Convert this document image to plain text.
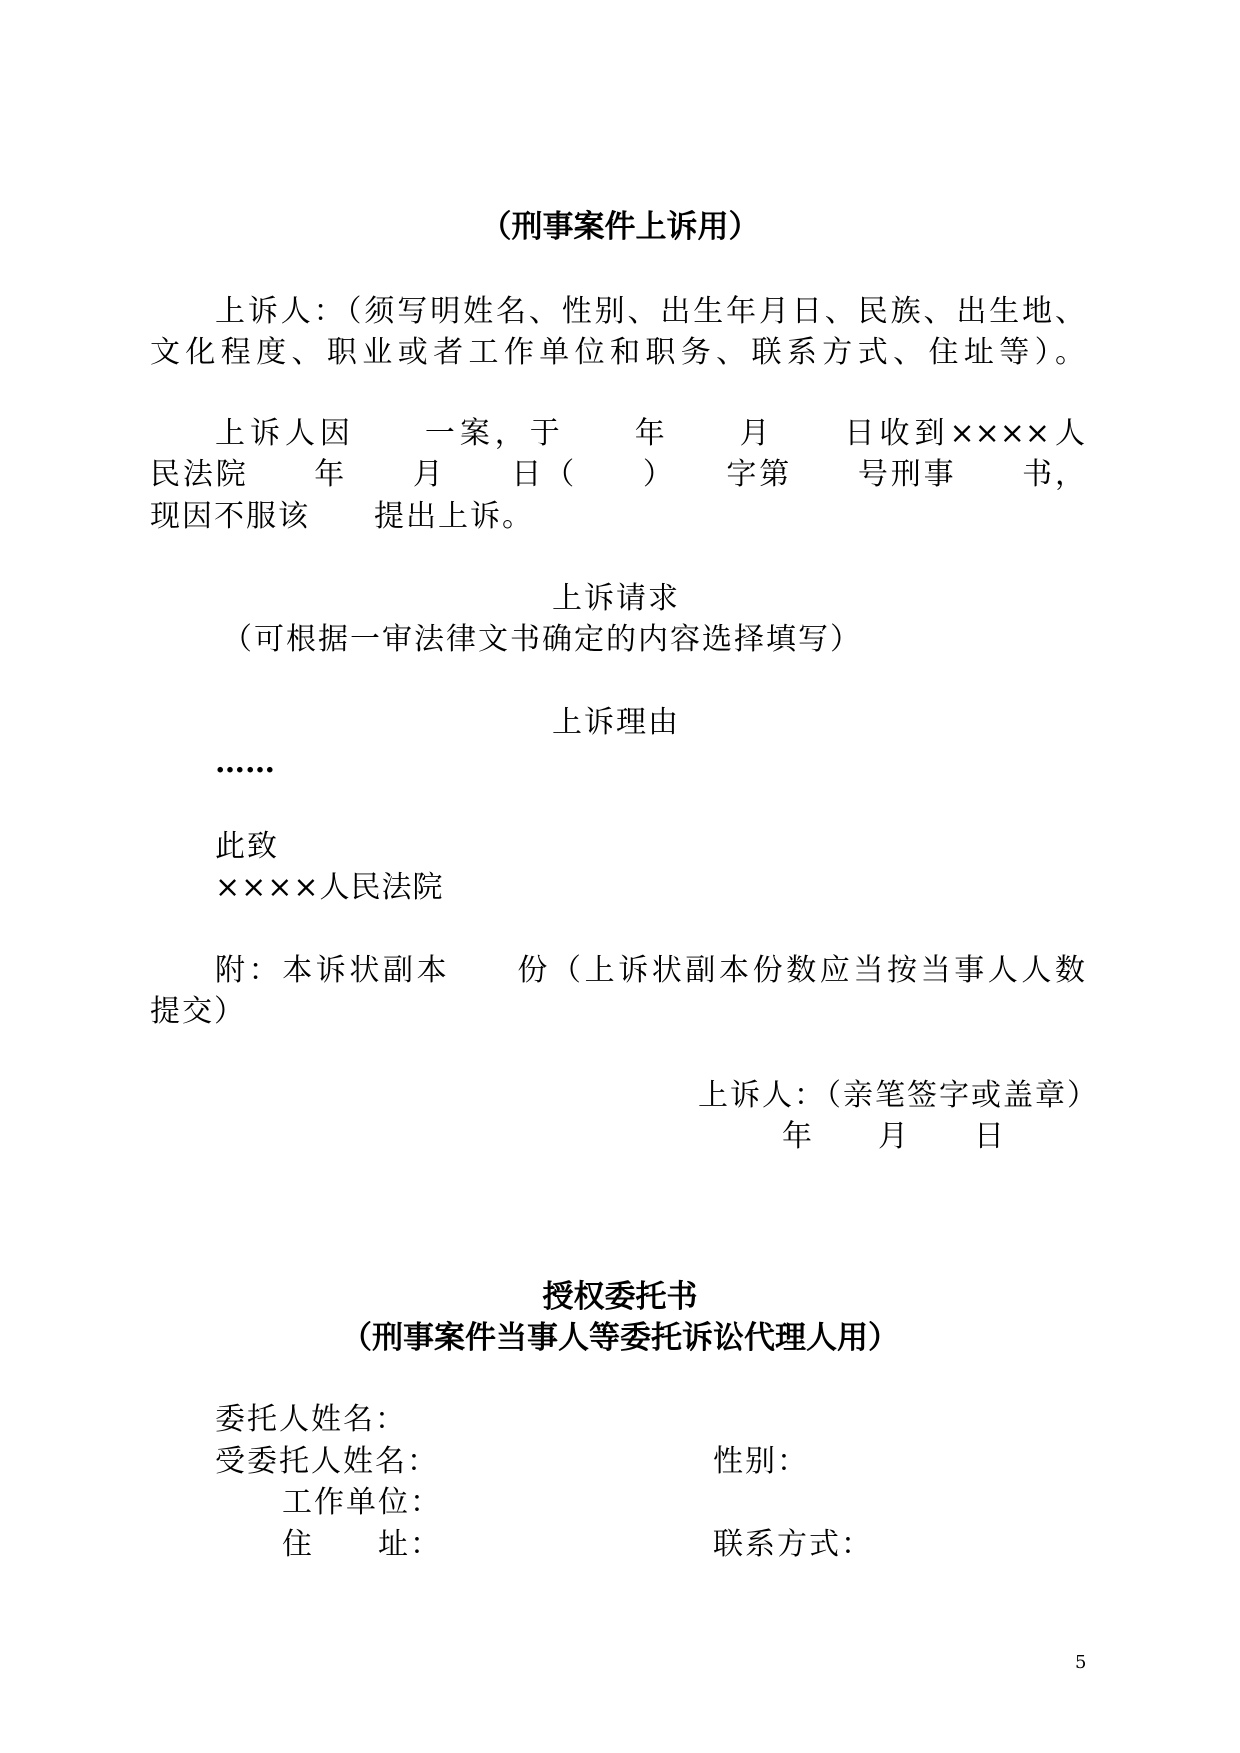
（刑事案件上诉用）
上诉人：（须写明姓名、性别、出生年月日、民族、出生地、
文化程度、职业或者工作单位和职务、联系方式、住址等）。
上诉人因　　一案，于　　年　　月　　日收到××××人
民法院　　年　　月　　日（　　）　　字第　　号刑事　　书，
现因不服该　　提出上诉。
上诉请求
（可根据一审法律文书确定的内容选择填写）
上诉理由
……
此致
××××人民法院
附：本诉状副本　　份（上诉状副本份数应当按当事人人数
提交）
上诉人：（亲笔签字或盖章）
年　　月　　日
授权委托书
（刑事案件当事人等委托诉讼代理人用）
委托人姓名：
受委托人姓名：	性别：
工作单位：
住　　址：	联系方式：
5
